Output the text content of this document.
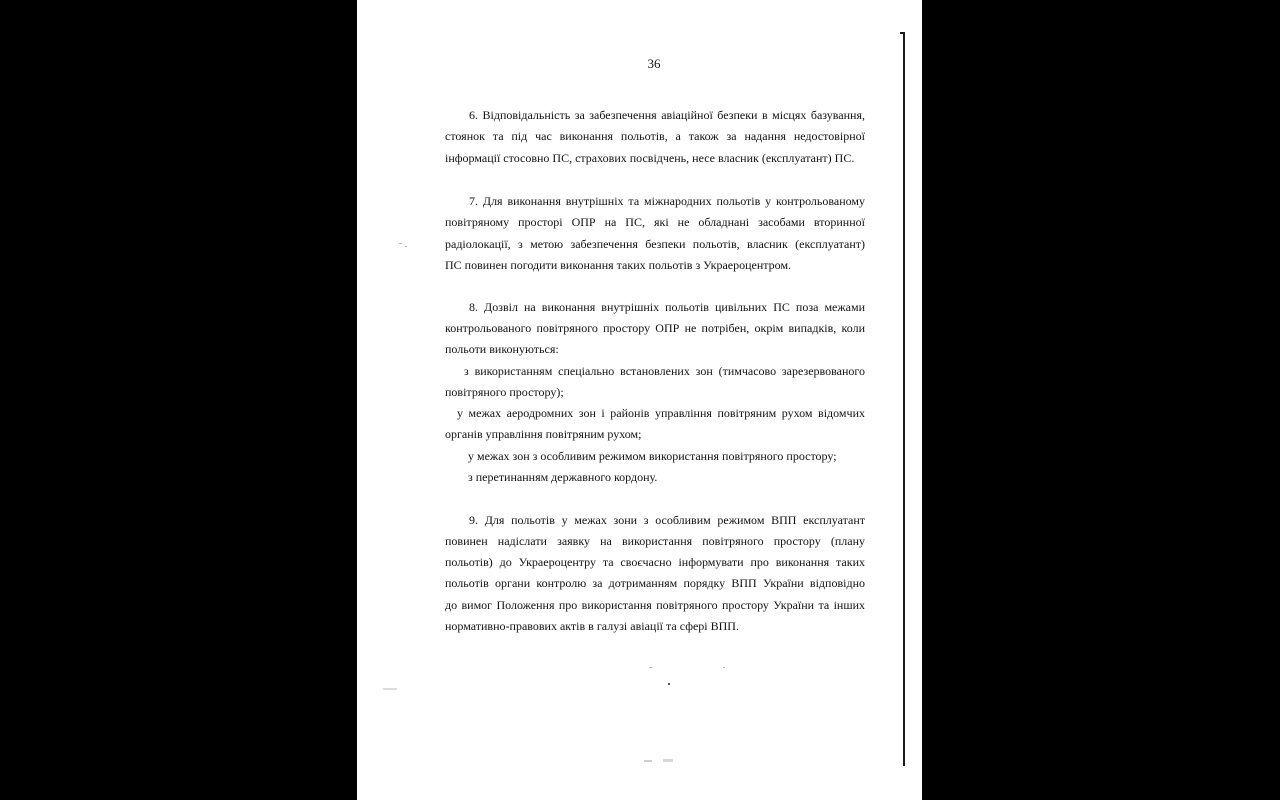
36
6. Відповідальність за забезпечення авіаційної безпеки в місцях базування,
стоянок та під час виконання польотів, а також за надання недостовірної
інформації стосовно ПС, страхових посвідчень, несе власник (експлуатант) ПС.
7. Для виконання внутрішніх та міжнародних польотів у контрольованому
повітряному просторі ОПР на ПС, які не обладнані засобами вторинної
радіолокації, з метою забезпечення безпеки польотів, власник (експлуатант)
ПС повинен погодити виконання таких польотів з Украероцентром.
8. Дозвіл на виконання внутрішніх польотів цивільних ПС поза межами
контрольованого повітряного простору ОПР не потрібен, окрім випадків, коли
польоти виконуються:
з використанням спеціально встановлених зон (тимчасово зарезервованого
повітряного простору);
у межах аеродромних зон і районів управління повітряним рухом відомчих
органів управління повітряним рухом;
у межах зон з особливим режимом використання повітряного простору;
з перетинанням державного кордону.
9. Для польотів у межах зони з особливим режимом ВПП експлуатант
повинен надіслати заявку на використання повітряного простору (плану
польотів) до Украероцентру та своєчасно інформувати про виконання таких
польотів органи контролю за дотриманням порядку ВПП України відповідно
до вимог Положення про використання повітряного простору України та інших
нормативно-правових актів в галузі авіації та сфері ВПП.
